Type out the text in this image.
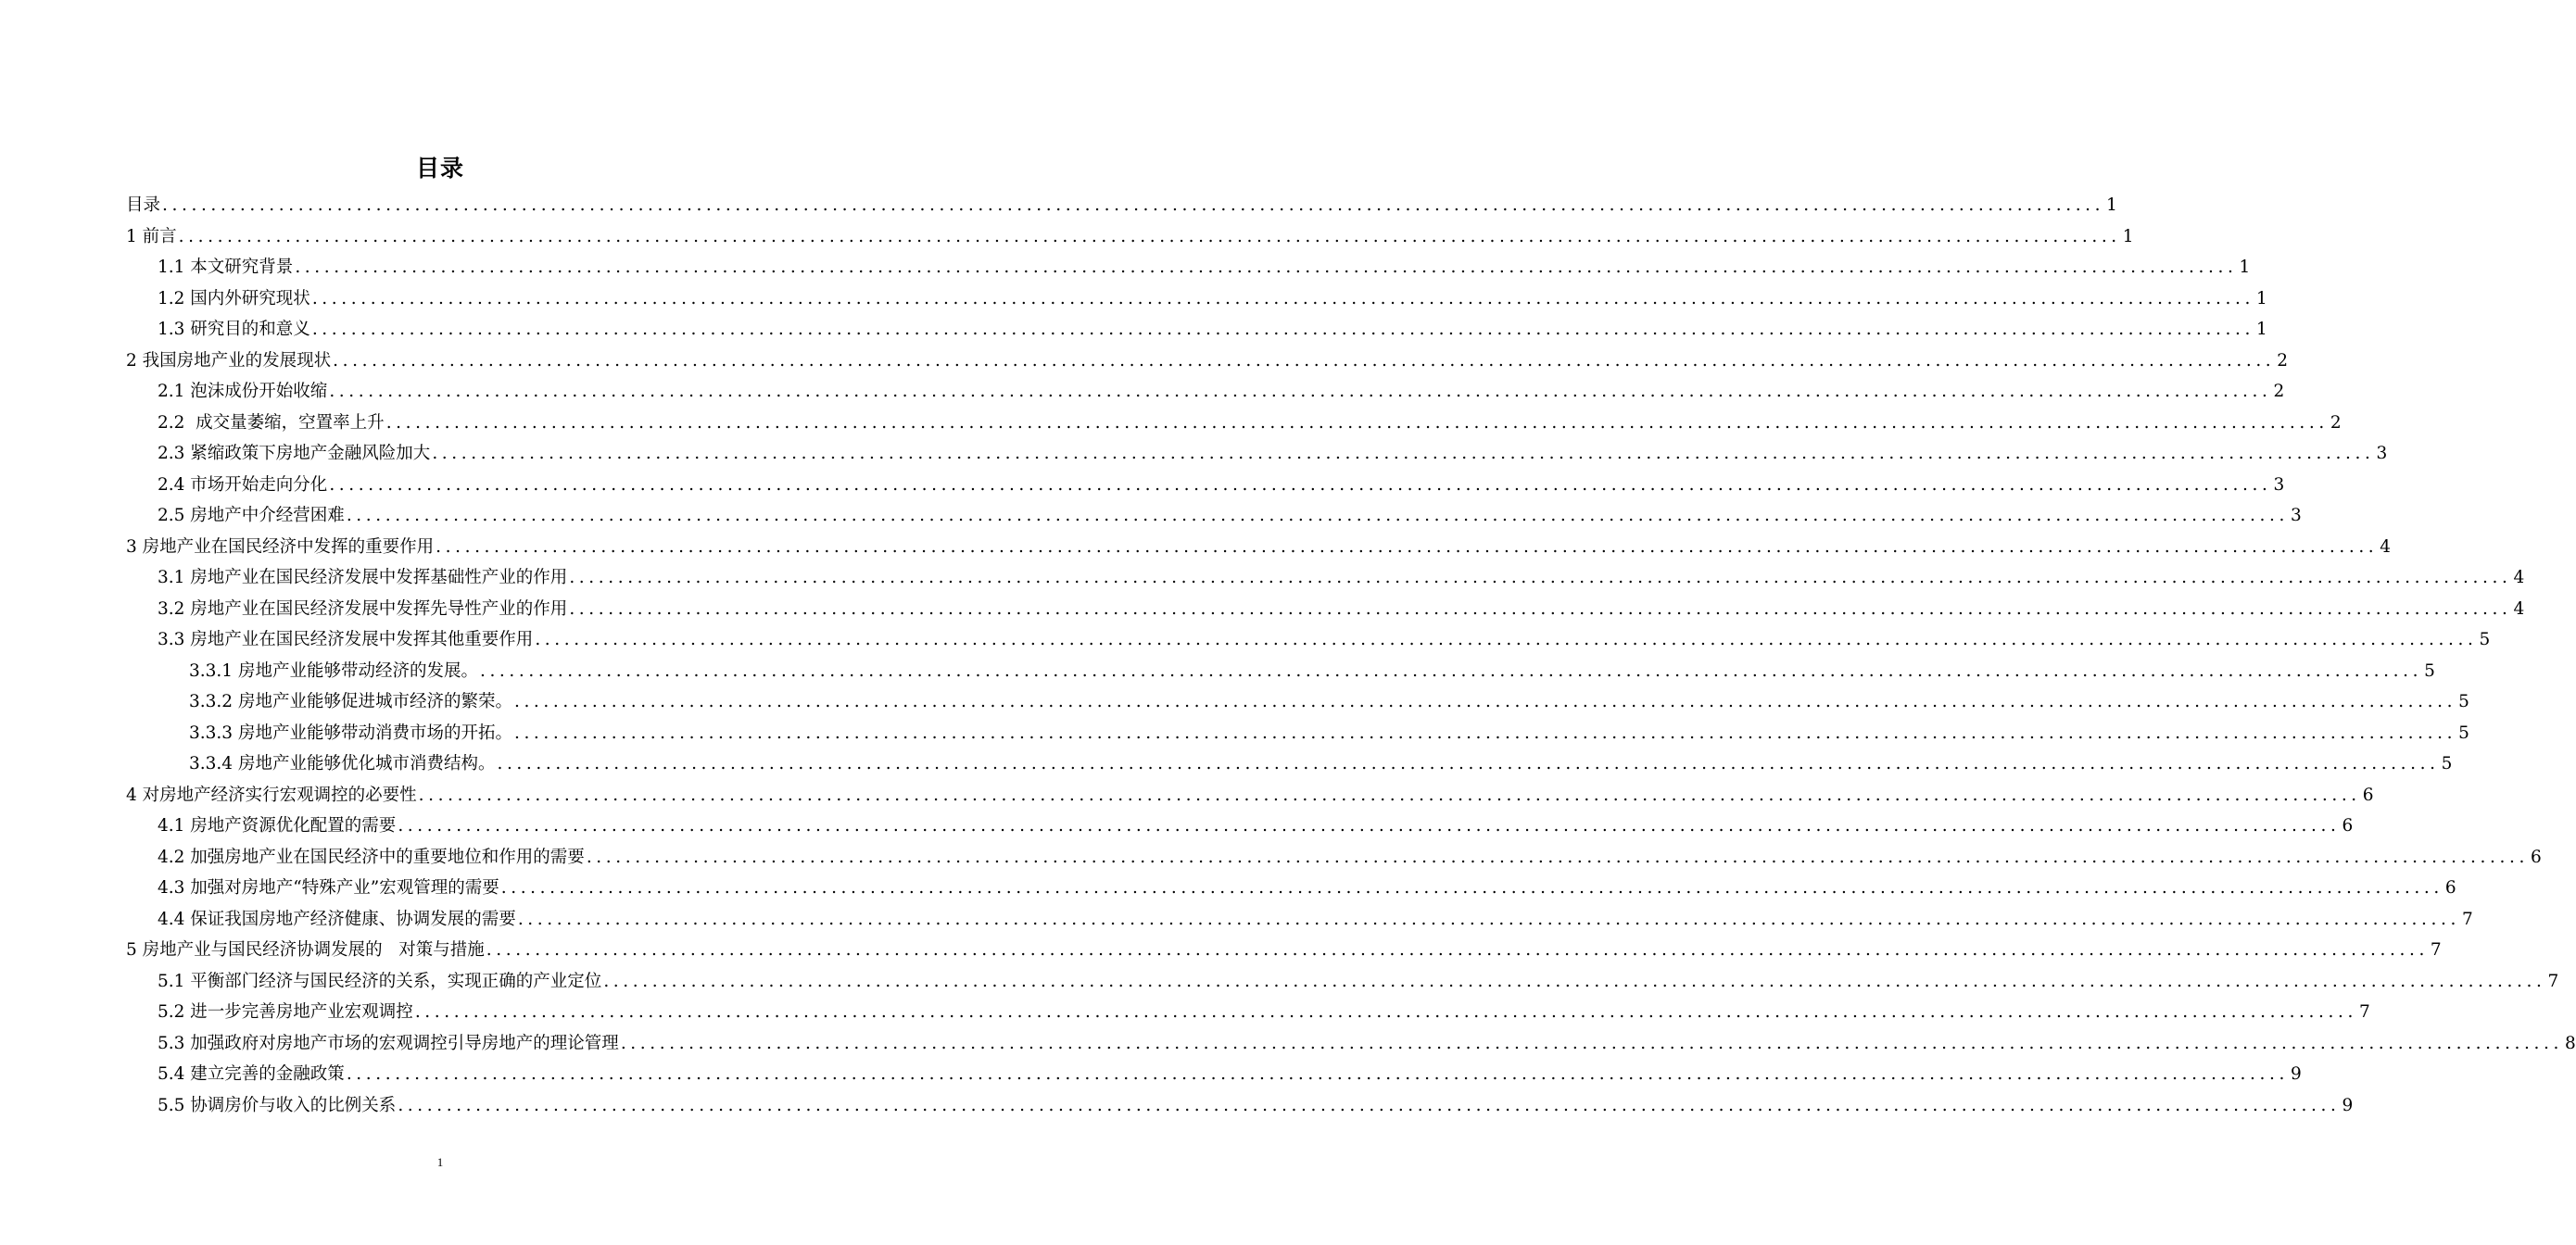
目录
目录 ........................................................................................................................................................................................................ 1
1 前言 ........................................................................................................................................................................................................ 1
1.1 本文研究背景 ........................................................................................................................................................................................................ 1
1.2 国内外研究现状 ........................................................................................................................................................................................................ 1
1.3 研究目的和意义 ........................................................................................................................................................................................................ 1
2 我国房地产业的发展现状 ........................................................................................................................................................................................................ 2
2.1 泡沫成份开始收缩 ........................................................................................................................................................................................................ 2
2.2  成交量萎缩，空置率上升 ........................................................................................................................................................................................................ 2
2.3 紧缩政策下房地产金融风险加大 ........................................................................................................................................................................................................ 3
2.4 市场开始走向分化 ........................................................................................................................................................................................................ 3
2.5 房地产中介经营困难 ........................................................................................................................................................................................................ 3
3 房地产业在国民经济中发挥的重要作用 ........................................................................................................................................................................................................ 4
3.1 房地产业在国民经济发展中发挥基础性产业的作用 ........................................................................................................................................................................................................ 4
3.2 房地产业在国民经济发展中发挥先导性产业的作用 ........................................................................................................................................................................................................ 4
3.3 房地产业在国民经济发展中发挥其他重要作用 ........................................................................................................................................................................................................ 5
3.3.1 房地产业能够带动经济的发展。 ........................................................................................................................................................................................................ 5
3.3.2 房地产业能够促进城市经济的繁荣。 ........................................................................................................................................................................................................ 5
3.3.3 房地产业能够带动消费市场的开拓。 ........................................................................................................................................................................................................ 5
3.3.4 房地产业能够优化城市消费结构。 ........................................................................................................................................................................................................ 5
4 对房地产经济实行宏观调控的必要性 ........................................................................................................................................................................................................ 6
4.1 房地产资源优化配置的需要 ........................................................................................................................................................................................................ 6
4.2 加强房地产业在国民经济中的重要地位和作用的需要 ........................................................................................................................................................................................................ 6
4.3 加强对房地产“特殊产业”宏观管理的需要 ........................................................................................................................................................................................................ 6
4.4 保证我国房地产经济健康、协调发展的需要 ........................................................................................................................................................................................................ 7
5 房地产业与国民经济协调发展的   对策与措施 ........................................................................................................................................................................................................ 7
5.1 平衡部门经济与国民经济的关系，实现正确的产业定位 ........................................................................................................................................................................................................ 7
5.2 进一步完善房地产业宏观调控 ........................................................................................................................................................................................................ 7
5.3 加强政府对房地产市场的宏观调控引导房地产的理论管理 ........................................................................................................................................................................................................ 8
5.4 建立完善的金融政策 ........................................................................................................................................................................................................ 9
5.5 协调房价与收入的比例关系 ........................................................................................................................................................................................................ 9
1
